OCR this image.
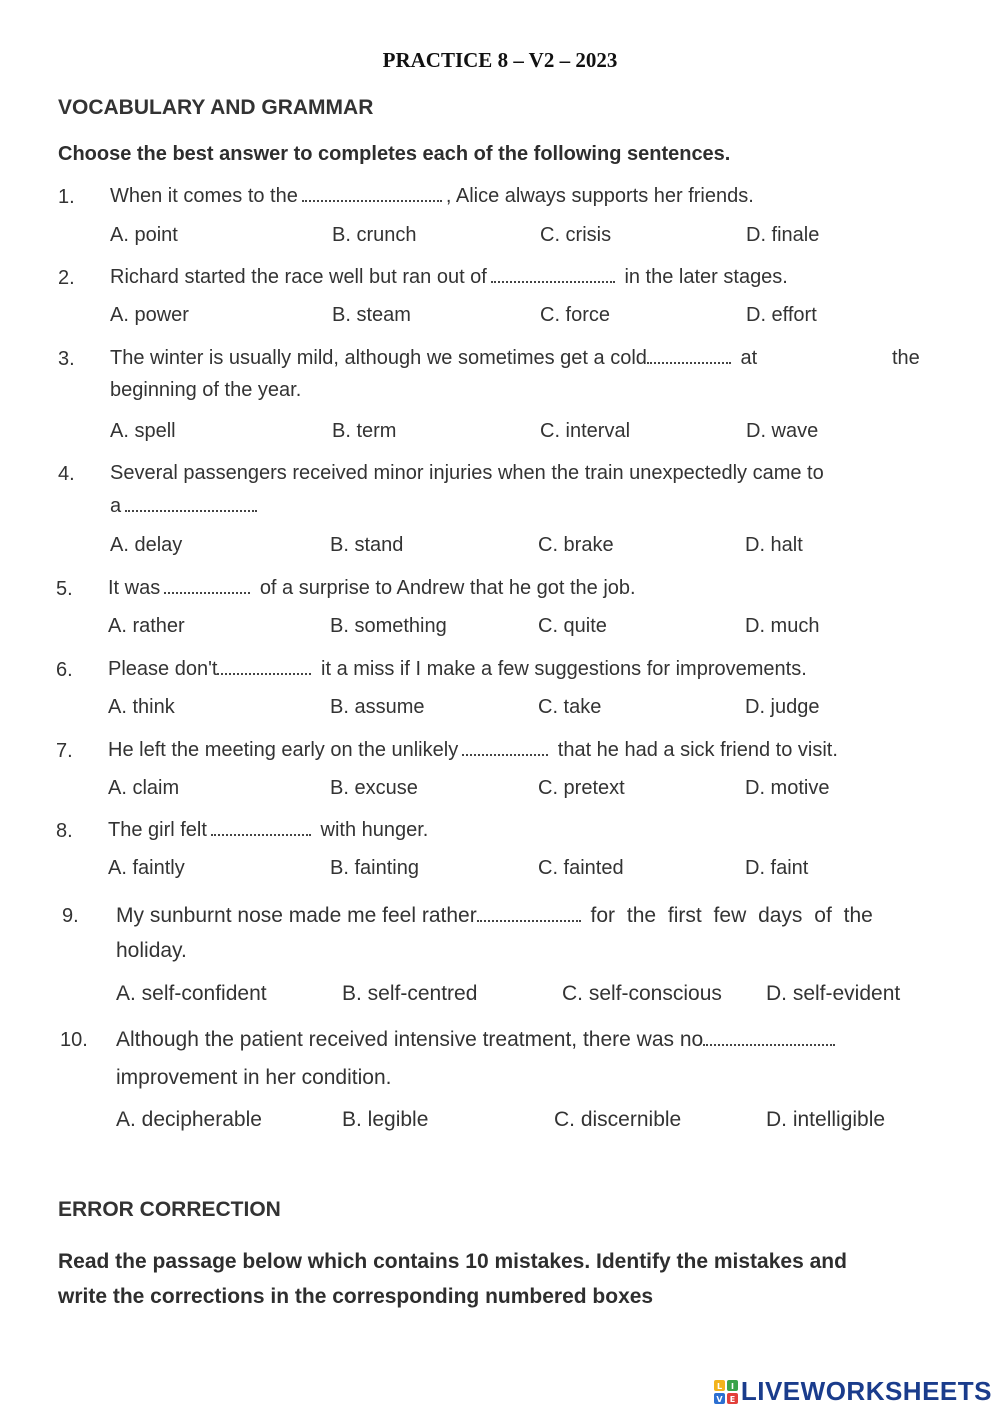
PRACTICE 8 – V2 – 2023
VOCABULARY AND GRAMMAR
Choose the best answer to completes each of the following sentences.
1. When it comes to the	, Alice always supports her friends.
A. point	B. crunch	C. crisis	D. finale
2. Richard started the race well but ran out of	in the later stages.
A. power	B. steam	C. force	D. effort
3. The winter is usually mild, although we sometimes get a cold	at	the
beginning of the year.
A. spell	B. term	C. interval	D. wave
4. Several passengers received minor injuries when the train unexpectedly came to
a
A. delay	B. stand	C. brake	D. halt
5. It was	of a surprise to Andrew that he got the job.
A. rather	B. something	C. quite	D. much
6. Please don't	it a miss if I make a few suggestions for improvements.
A. think	B. assume	C. take	D. judge
7. He left the meeting early on the unlikely	that he had a sick friend to visit.
A. claim	B. excuse	C. pretext	D. motive
8. The girl felt	with hunger.
A. faintly	B. fainting	C. fainted	D. faint
9. My sunburnt nose made me feel rather	for the first few days of the
holiday.
A. self-confident	B. self-centred	C. self-conscious D. self-evident
10. Although the patient received intensive treatment, there was no
improvement in her condition.
A. decipherable	B. legible	C. discernible	D. intelligible
ERROR CORRECTION
Read the passage below which contains 10 mistakes. Identify the mistakes and
write the corrections in the corresponding numbered boxes
L I
V E LIVEWORKSHEETS
